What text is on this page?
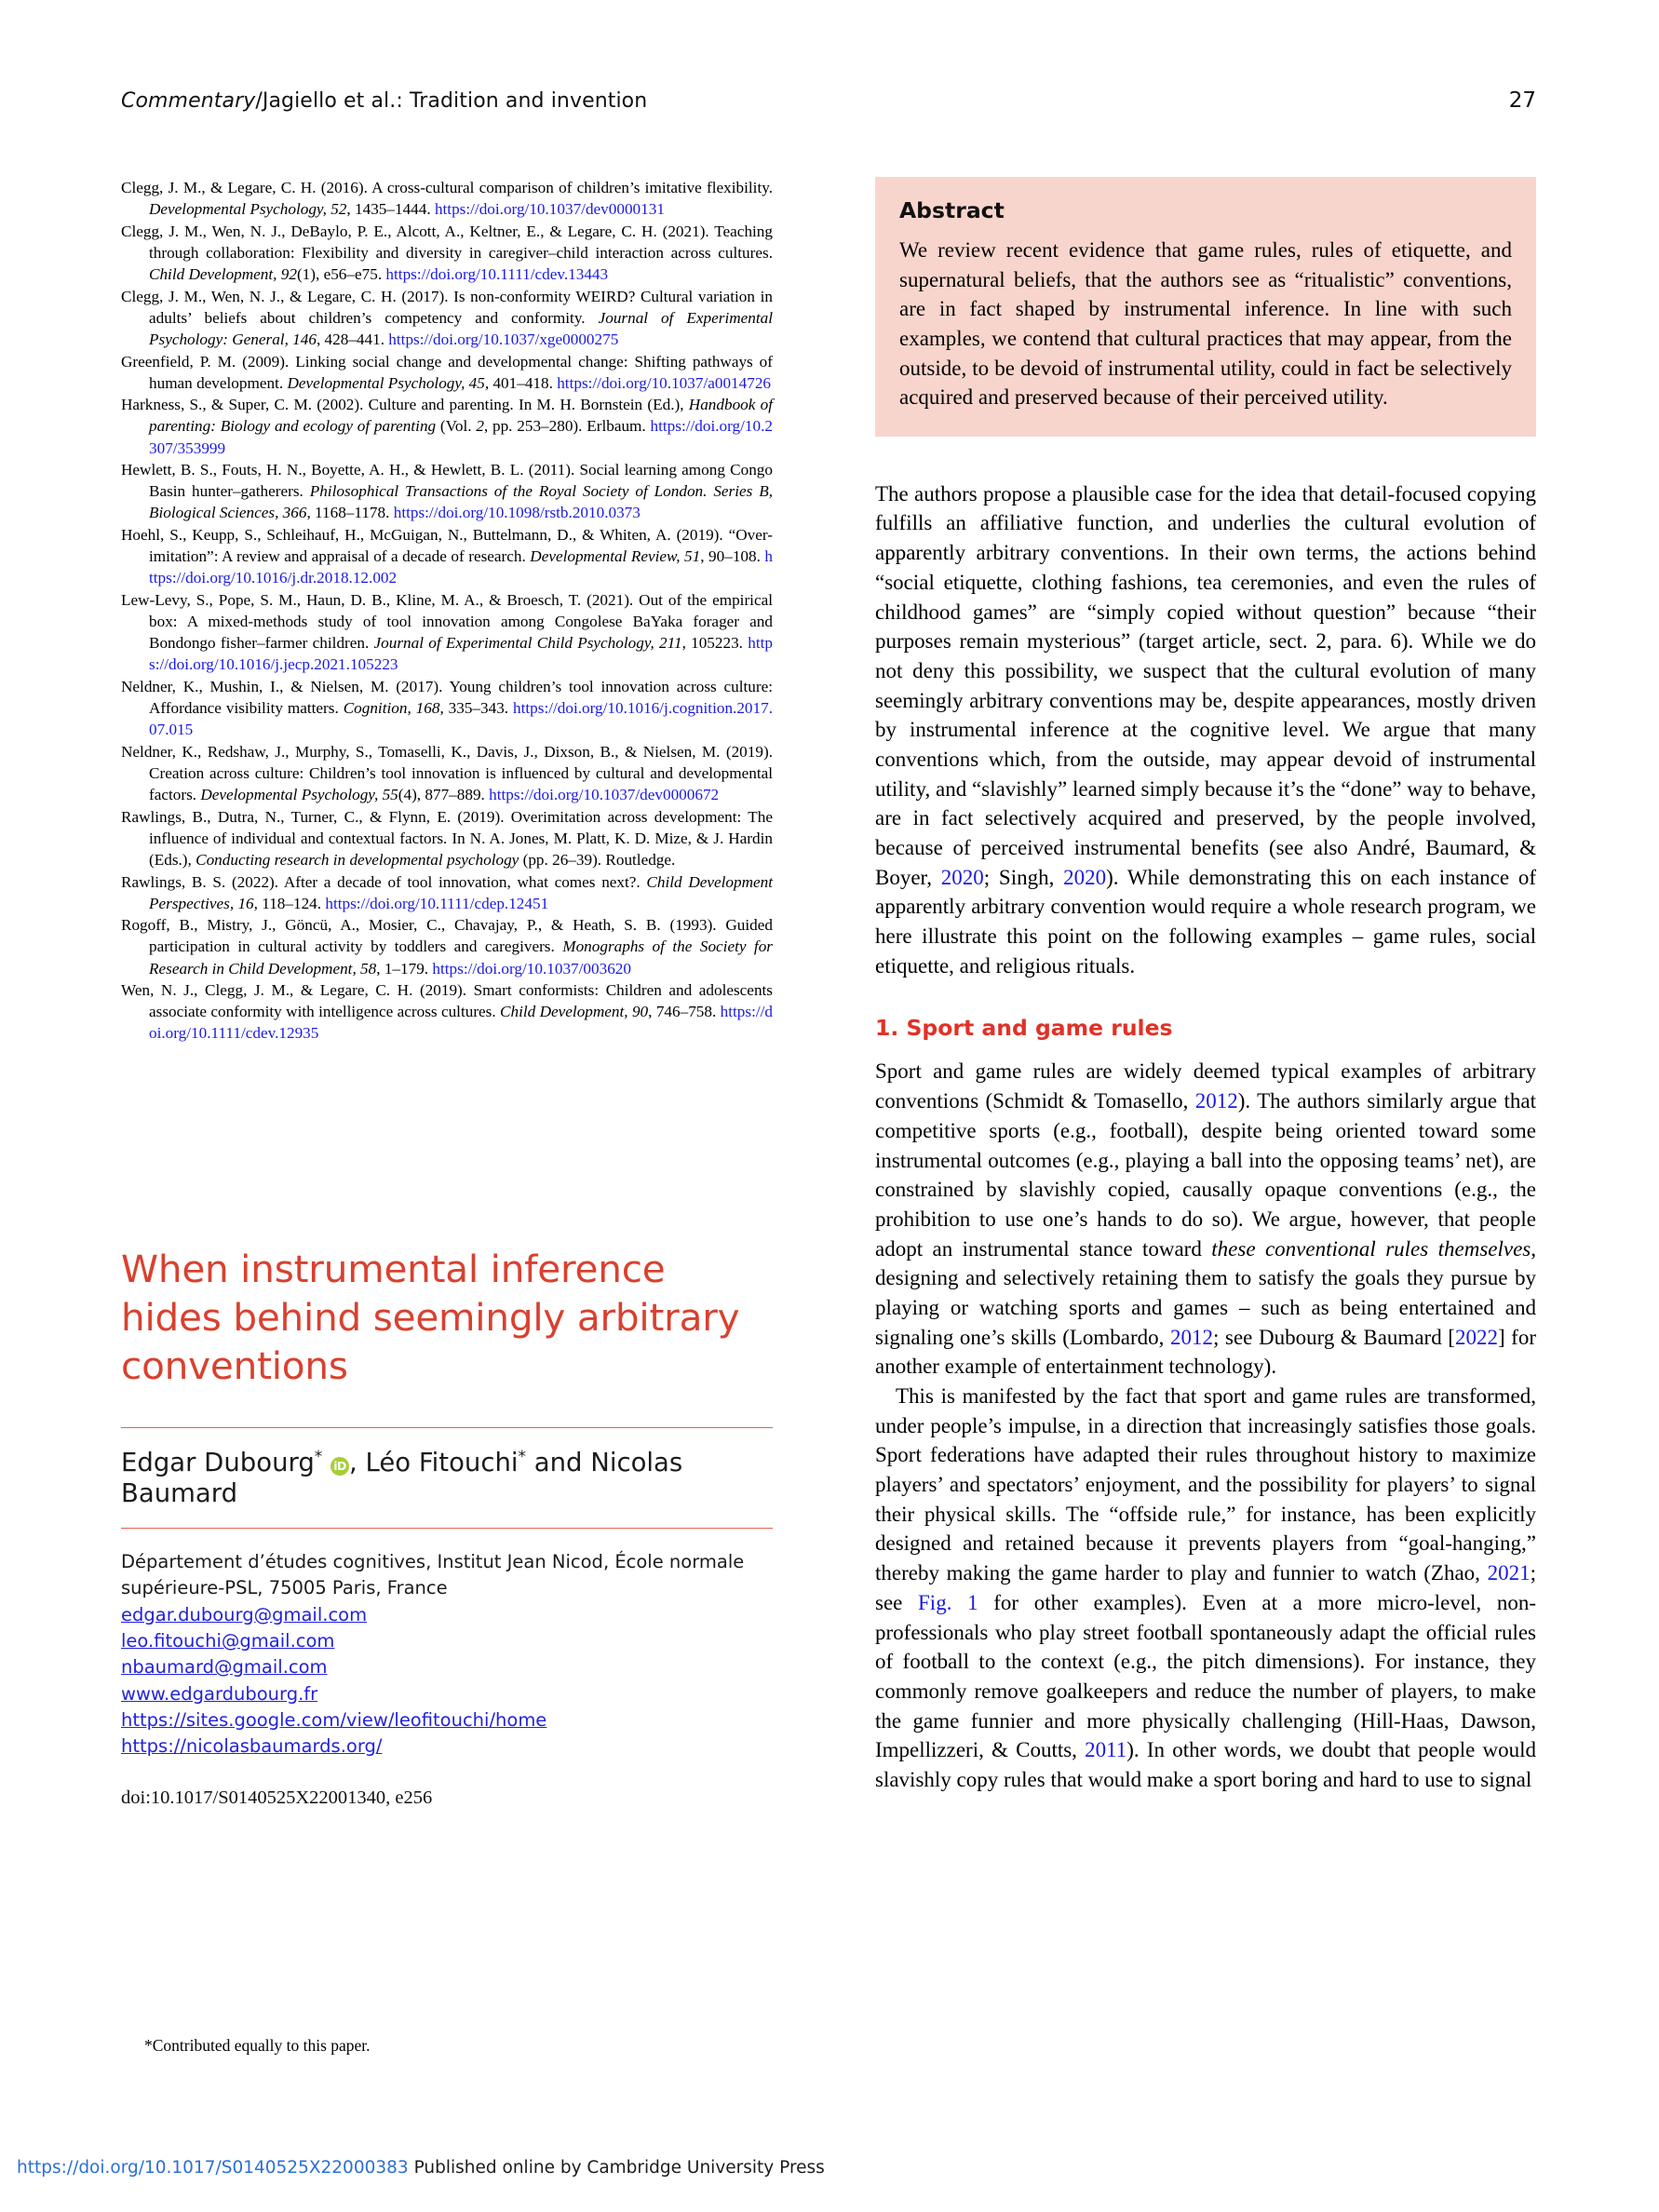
Commentary/Jagiello et al.: Tradition and invention	27
Clegg, J. M., & Legare, C. H. (2016). A cross-cultural comparison of children’s imitative flexibility. Developmental Psychology, 52, 1435–1444. https://doi.org/10.1037/dev0000131
Clegg, J. M., Wen, N. J., DeBaylo, P. E., Alcott, A., Keltner, E., & Legare, C. H. (2021). Teaching through collaboration: Flexibility and diversity in caregiver–child interaction across cultures. Child Development, 92(1), e56–e75. https://doi.org/10.1111/cdev.13443
Clegg, J. M., Wen, N. J., & Legare, C. H. (2017). Is non-conformity WEIRD? Cultural variation in adults’ beliefs about children’s competency and conformity. Journal of Experimental Psychology: General, 146, 428–441. https://doi.org/10.1037/xge0000275
Greenfield, P. M. (2009). Linking social change and developmental change: Shifting pathways of human development. Developmental Psychology, 45, 401–418. https://doi.org/10.1037/a0014726
Harkness, S., & Super, C. M. (2002). Culture and parenting. In M. H. Bornstein (Ed.), Handbook of parenting: Biology and ecology of parenting (Vol. 2, pp. 253–280). Erlbaum. https://doi.org/10.2307/353999
Hewlett, B. S., Fouts, H. N., Boyette, A. H., & Hewlett, B. L. (2011). Social learning among Congo Basin hunter–gatherers. Philosophical Transactions of the Royal Society of London. Series B, Biological Sciences, 366, 1168–1178. https://doi.org/10.1098/rstb.2010.0373
Hoehl, S., Keupp, S., Schleihauf, H., McGuigan, N., Buttelmann, D., & Whiten, A. (2019). “Over-imitation”: A review and appraisal of a decade of research. Developmental Review, 51, 90–108. https://doi.org/10.1016/j.dr.2018.12.002
Lew-Levy, S., Pope, S. M., Haun, D. B., Kline, M. A., & Broesch, T. (2021). Out of the empirical box: A mixed-methods study of tool innovation among Congolese BaYaka forager and Bondongo fisher–farmer children. Journal of Experimental Child Psychology, 211, 105223. https://doi.org/10.1016/j.jecp.2021.105223
Neldner, K., Mushin, I., & Nielsen, M. (2017). Young children’s tool innovation across culture: Affordance visibility matters. Cognition, 168, 335–343. https://doi.org/10.1016/j.cognition.2017.07.015
Neldner, K., Redshaw, J., Murphy, S., Tomaselli, K., Davis, J., Dixson, B., & Nielsen, M. (2019). Creation across culture: Children’s tool innovation is influenced by cultural and developmental factors. Developmental Psychology, 55(4), 877–889. https://doi.org/10.1037/dev0000672
Rawlings, B., Dutra, N., Turner, C., & Flynn, E. (2019). Overimitation across development: The influence of individual and contextual factors. In N. A. Jones, M. Platt, K. D. Mize, & J. Hardin (Eds.), Conducting research in developmental psychology (pp. 26–39). Routledge.
Rawlings, B. S. (2022). After a decade of tool innovation, what comes next?. Child Development Perspectives, 16, 118–124. https://doi.org/10.1111/cdep.12451
Rogoff, B., Mistry, J., Göncü, A., Mosier, C., Chavajay, P., & Heath, S. B. (1993). Guided participation in cultural activity by toddlers and caregivers. Monographs of the Society for Research in Child Development, 58, 1–179. https://doi.org/10.1037/003620
Wen, N. J., Clegg, J. M., & Legare, C. H. (2019). Smart conformists: Children and adolescents associate conformity with intelligence across cultures. Child Development, 90, 746–758. https://doi.org/10.1111/cdev.12935
When instrumental inference hides behind seemingly arbitrary conventions
Edgar Dubourg* iD , Léo Fitouchi* and Nicolas Baumard
Département d’études cognitives, Institut Jean Nicod, École normale supérieure-PSL, 75005 Paris, France
edgar.dubourg@gmail.com
leo.fitouchi@gmail.com
nbaumard@gmail.com
www.edgardubourg.fr
https://sites.google.com/view/leofitouchi/home
https://nicolasbaumards.org/
doi:10.1017/S0140525X22001340, e256
Abstract
We review recent evidence that game rules, rules of etiquette, and supernatural beliefs, that the authors see as “ritualistic” conventions, are in fact shaped by instrumental inference. In line with such examples, we contend that cultural practices that may appear, from the outside, to be devoid of instrumental utility, could in fact be selectively acquired and preserved because of their perceived utility.

The authors propose a plausible case for the idea that detail-focused copying fulfills an affiliative function, and underlies the cultural evolution of apparently arbitrary conventions. In their own terms, the actions behind “social etiquette, clothing fashions, tea ceremonies, and even the rules of childhood games” are “simply copied without question” because “their purposes remain mysterious” (target article, sect. 2, para. 6). While we do not deny this possibility, we suspect that the cultural evolution of many seemingly arbitrary conventions may be, despite appearances, mostly driven by instrumental inference at the cognitive level. We argue that many conventions which, from the outside, may appear devoid of instrumental utility, and “slavishly” learned simply because it’s the “done” way to behave, are in fact selectively acquired and preserved, by the people involved, because of perceived instrumental benefits (see also André, Baumard, & Boyer, 2020; Singh, 2020). While demonstrating this on each instance of apparently arbitrary convention would require a whole research program, we here illustrate this point on the following examples – game rules, social etiquette, and religious rituals.

1. Sport and game rules

Sport and game rules are widely deemed typical examples of arbitrary conventions (Schmidt & Tomasello, 2012). The authors similarly argue that competitive sports (e.g., football), despite being oriented toward some instrumental outcomes (e.g., playing a ball into the opposing teams’ net), are constrained by slavishly copied, causally opaque conventions (e.g., the prohibition to use one’s hands to do so). We argue, however, that people adopt an instrumental stance toward these conventional rules themselves, designing and selectively retaining them to satisfy the goals they pursue by playing or watching sports and games – such as being entertained and signaling one’s skills (Lombardo, 2012; see Dubourg & Baumard [2022] for another example of entertainment technology).

This is manifested by the fact that sport and game rules are transformed, under people’s impulse, in a direction that increasingly satisfies those goals. Sport federations have adapted their rules throughout history to maximize players’ and spectators’ enjoyment, and the possibility for players’ to signal their physical skills. The “offside rule,” for instance, has been explicitly designed and retained because it prevents players from “goal-hanging,” thereby making the game harder to play and funnier to watch (Zhao, 2021; see Fig. 1 for other examples). Even at a more micro-level, non-professionals who play street football spontaneously adapt the official rules of football to the context (e.g., the pitch dimensions). For instance, they commonly remove goalkeepers and reduce the number of players, to make the game funnier and more physically challenging (Hill-Haas, Dawson, Impellizzeri, & Coutts, 2011). In other words, we doubt that people would slavishly copy rules that would make a sport boring and hard to use to signal

*Contributed equally to this paper.
https://doi.org/10.1017/S0140525X22000383 Published online by Cambridge University Press
